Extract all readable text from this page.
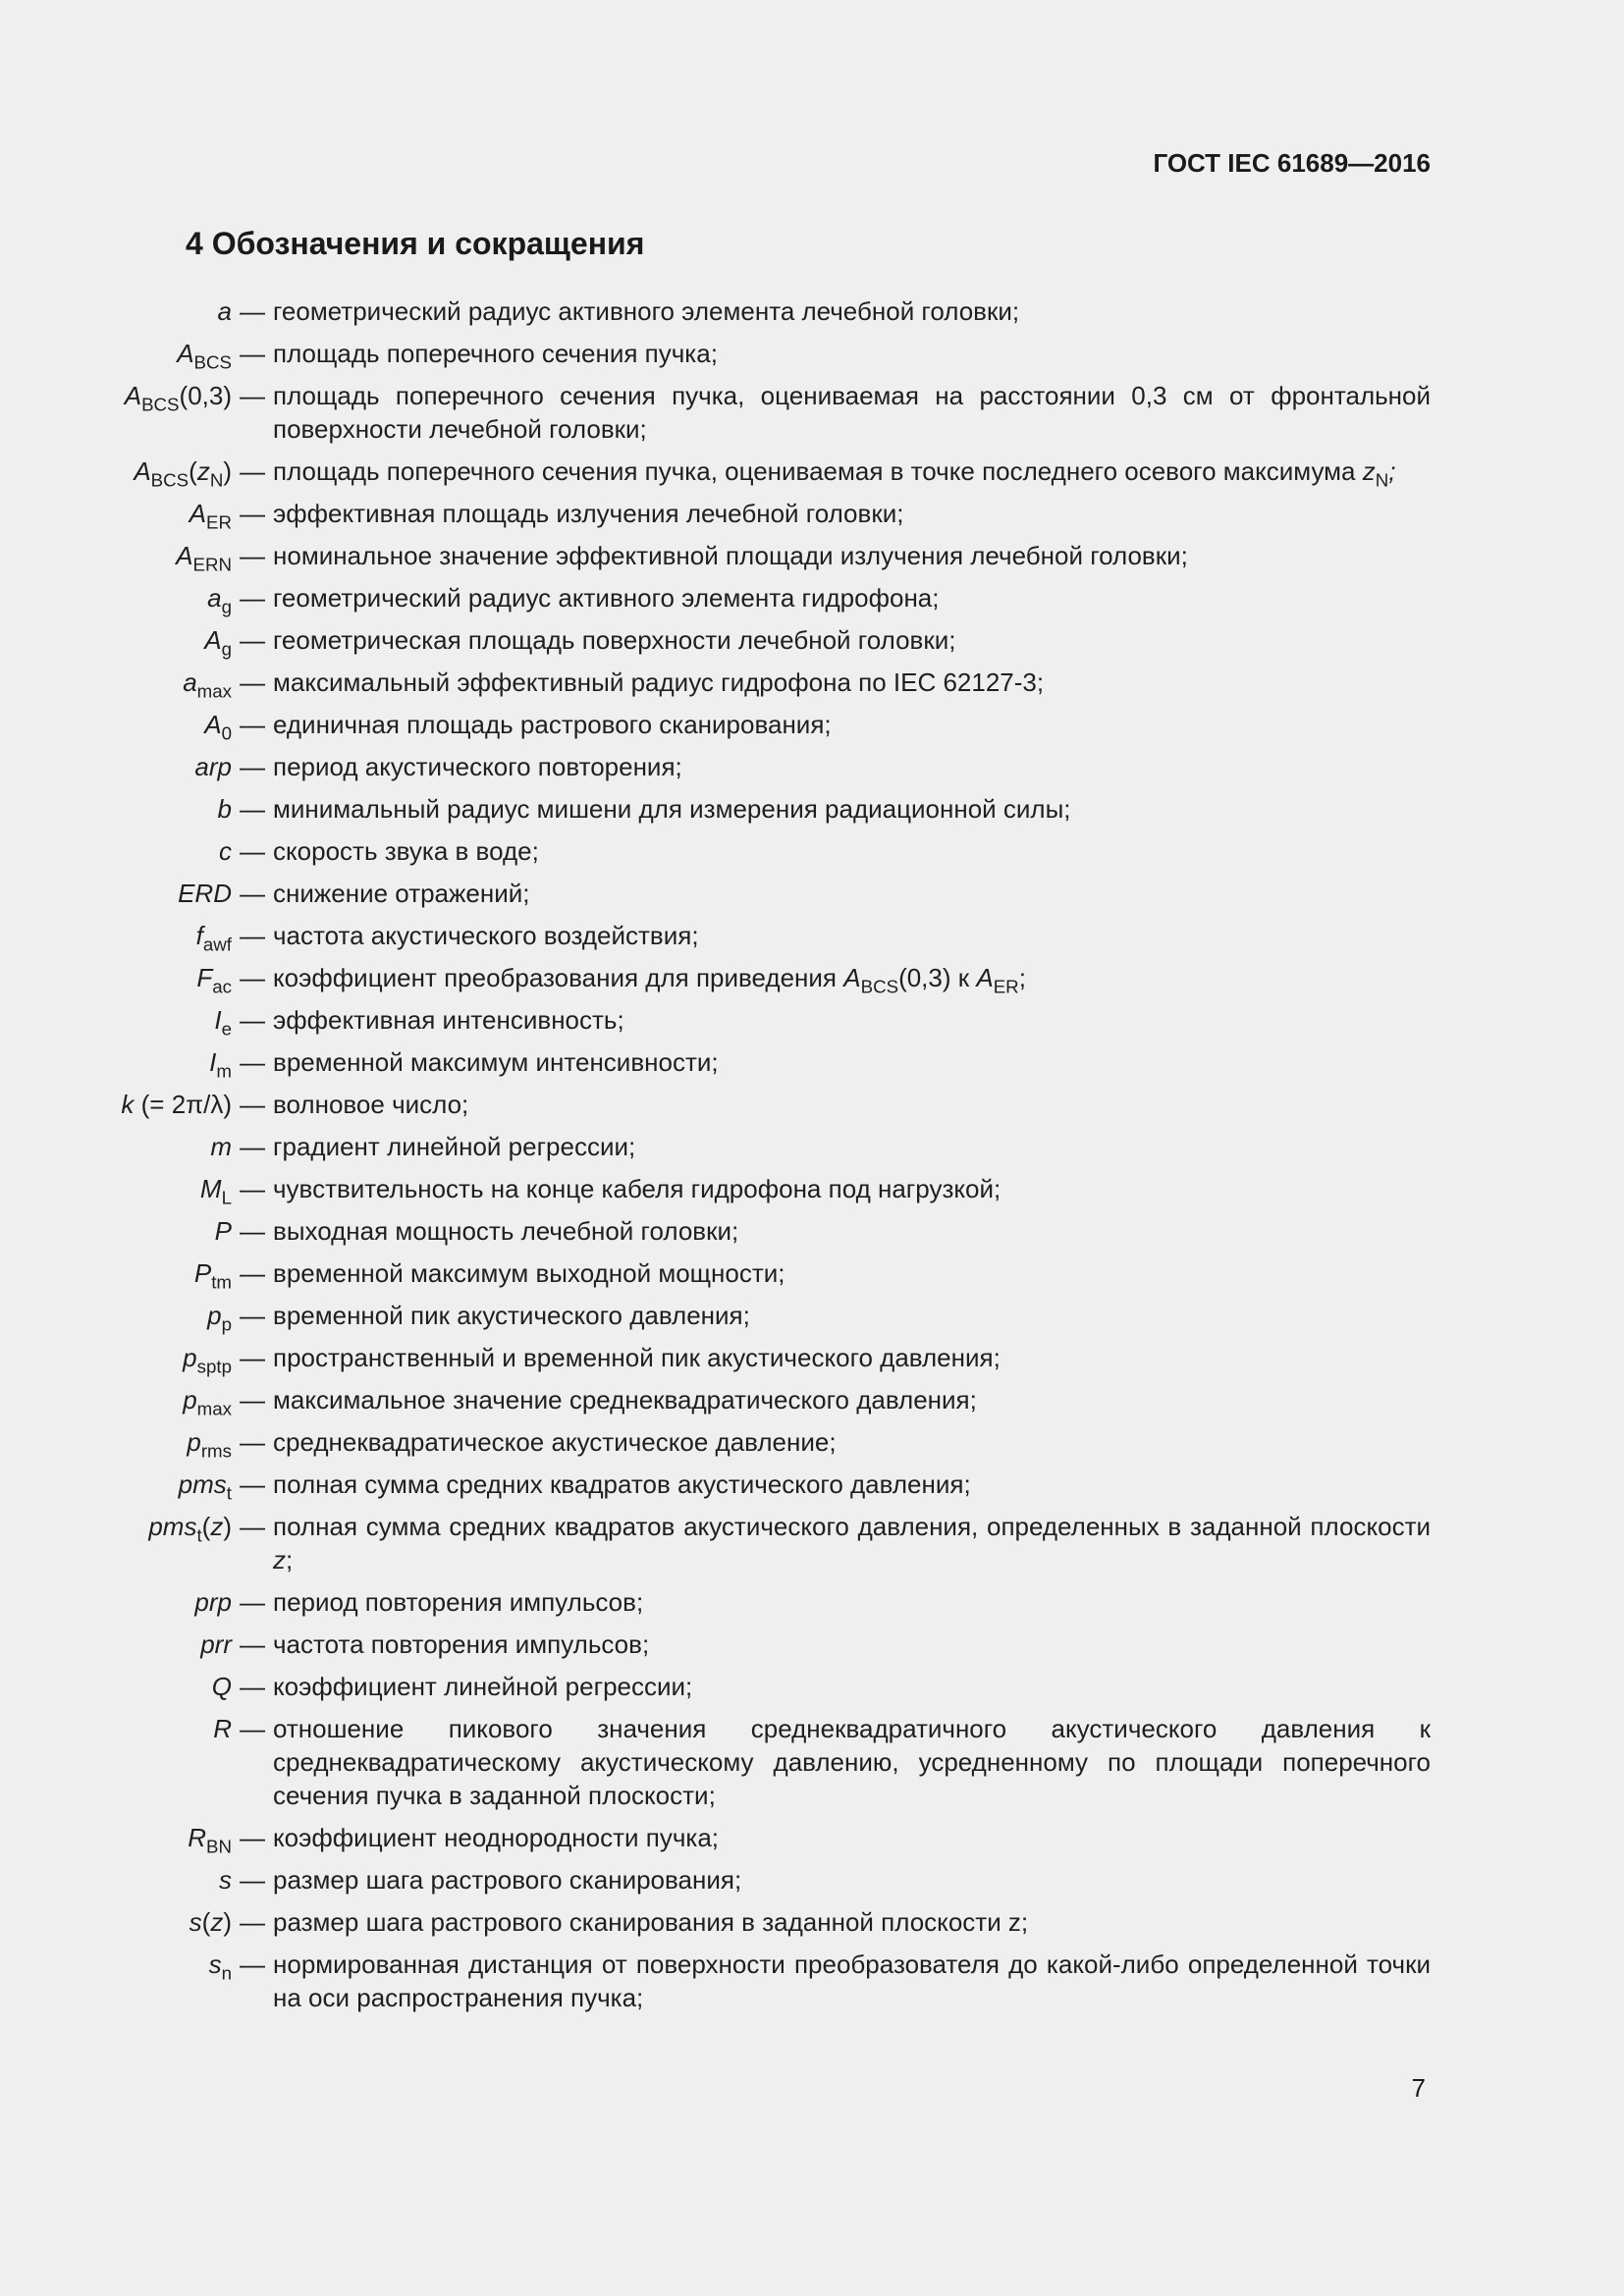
ГОСТ IEC 61689—2016
4 Обозначения и сокращения
a — геометрический радиус активного элемента лечебной головки;
$A_{BCS}$ — площадь поперечного сечения пучка;
$A_{BCS}(0,3)$ — площадь поперечного сечения пучка, оцениваемая на расстоянии 0,3 см от фронтальной поверхности лечебной головки;
$A_{BCS}(z_N)$ — площадь поперечного сечения пучка, оцениваемая в точке последнего осевого максимума $z_N$;
$A_{ER}$ — эффективная площадь излучения лечебной головки;
$A_{ERN}$ — номинальное значение эффективной площади излучения лечебной головки;
$a_g$ — геометрический радиус активного элемента гидрофона;
$A_g$ — геометрическая площадь поверхности лечебной головки;
$a_{max}$ — максимальный эффективный радиус гидрофона по IEC 62127-3;
$A_0$ — единичная площадь растрового сканирования;
arp — период акустического повторения;
b — минимальный радиус мишени для измерения радиационной силы;
c — скорость звука в воде;
ERD — снижение отражений;
$f_{awf}$ — частота акустического воздействия;
$F_{ac}$ — коэффициент преобразования для приведения $A_{BCS}(0,3)$ к $A_{ER}$;
$I_e$ — эффективная интенсивность;
$I_m$ — временной максимум интенсивности;
k (= 2π/λ) — волновое число;
m — градиент линейной регрессии;
$M_L$ — чувствительность на конце кабеля гидрофона под нагрузкой;
P — выходная мощность лечебной головки;
$P_{tm}$ — временной максимум выходной мощности;
$p_p$ — временной пик акустического давления;
$p_{sptp}$ — пространственный и временной пик акустического давления;
$p_{max}$ — максимальное значение среднеквадратического давления;
$p_{rms}$ — среднеквадратическое акустическое давление;
pms$_t$ — полная сумма средних квадратов акустического давления;
pms$_t$(z) — полная сумма средних квадратов акустического давления, определенных в заданной плоскости z;
prp — период повторения импульсов;
prr — частота повторения импульсов;
Q — коэффициент линейной регрессии;
R — отношение пикового значения среднеквадратичного акустического давления к среднеквадратическому акустическому давлению, усредненному по площади поперечного сечения пучка в заданной плоскости;
$R_{BN}$ — коэффициент неоднородности пучка;
s — размер шага растрового сканирования;
s(z) — размер шага растрового сканирования в заданной плоскости z;
$s_n$ — нормированная дистанция от поверхности преобразователя до какой-либо определенной точки на оси распространения пучка;
7
